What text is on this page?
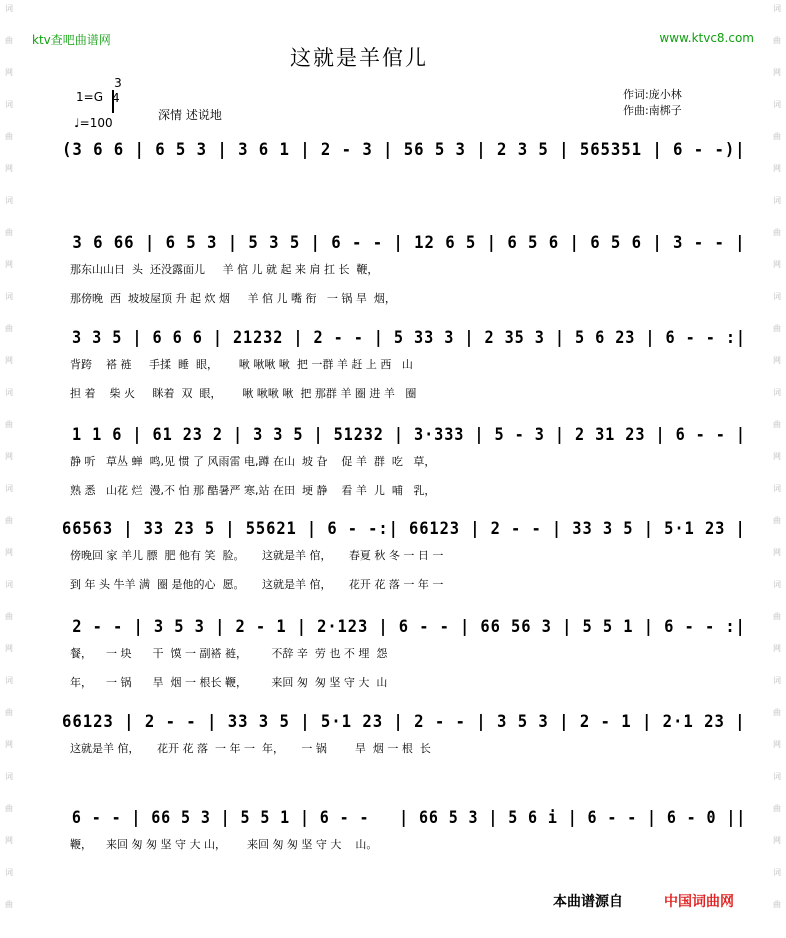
词
曲
网
词
曲
网
词
曲
网
词
曲
网
词
曲
网
词
曲
网
词
曲
网
词
曲
网
词
曲
网
词
曲
词
曲
网
词
曲
网
词
曲
网
词
曲
网
词
曲
网
词
曲
网
词
曲
网
词
曲
网
词
曲
网
词
曲
ktv查吧曲谱网	www.ktvc8.com
这就是羊倌儿
1=G
$\frac{3}{4}$
♩=100
深情 述说地
作词:庞小林
作曲:南梆子
(3 6 6 | 6 5 3 | 3 6 1 | 2 - 3 | 56 5 3 | 2 3 5 | 565351 | 6 - -)|
3 6 66 | 6 5 3 | 5 3 5 | 6 - - | 12 6 5 | 6 5 6 | 6 5 6 | 3 - - |
那东山山日  头  还没露面儿     羊 倌 儿 就 起 来 肩 扛 长  鞭，
那傍晚  西  坡坡屋顶 升 起 炊 烟     羊 倌 儿 嘴 衔   一 锅 旱  烟，
3 3 5 | 6 6 6 | 21232 | 2 - - | 5 33 3 | 2 35 3 | 5 6 23 | 6 - - :|
背跨    褡 裢     手揉  睡  眼，      啾 啾啾 啾  把 一群 羊 赶 上 西   山
担 着    柴 火     眯着  双  眼，      啾 啾啾 啾  把 那群 羊 圈 进 羊   圈
1 1 6 | 61 23 2 | 3 3 5 | 51232 | 3·333 | 5 - 3 | 2 31 23 | 6 - - |
静 听   草丛 蝉  鸣,见 惯 了 风雨雷 电,蹲 在山  坡 旮    促 羊  群  吃   草，
熟 悉   山花 烂  漫,不 怕 那 酷暑严 寒,站 在田  埂 静    看 羊  儿  哺   乳，
66563 | 33 23 5 | 55621 | 6 - -:| 66123 | 2 - - | 33 3 5 | 5·1 23 |
傍晚回 家 羊儿 膘  肥 他有 笑  脸。     这就是羊 倌，     春夏 秋 冬 一 日 一
到 年 头 牛羊 满  圈 是他的心  愿。     这就是羊 倌，     花开 花 落 一 年 一
2 - - | 3 5 3 | 2 - 1 | 2·123 | 6 - - | 66 56 3 | 5 5 1 | 6 - - :|
餐，    一 块      干  馍 一 副褡 裢，       不辞 辛  劳 也 不 埋  怨
年，    一 锅      旱  烟 一 根长 鞭，       来回 匆  匆 坚 守 大  山
66123 | 2 - - | 33 3 5 | 5·1 23 | 2 - - | 3 5 3 | 2 - 1 | 2·1 23 |
这就是羊 倌，     花开 花 落  一 年 一  年，     一 锅        旱  烟 一 根  长
6 - - | 66 5 3 | 5 5 1 | 6 - -   | 66 5 3 | 5 6 i | 6 - - | 6 - 0 ||
鞭，    来回 匆 匆 坚 守 大 山，      来回 匆 匆 坚 守 大    山。
本曲谱源自	中国词曲网
